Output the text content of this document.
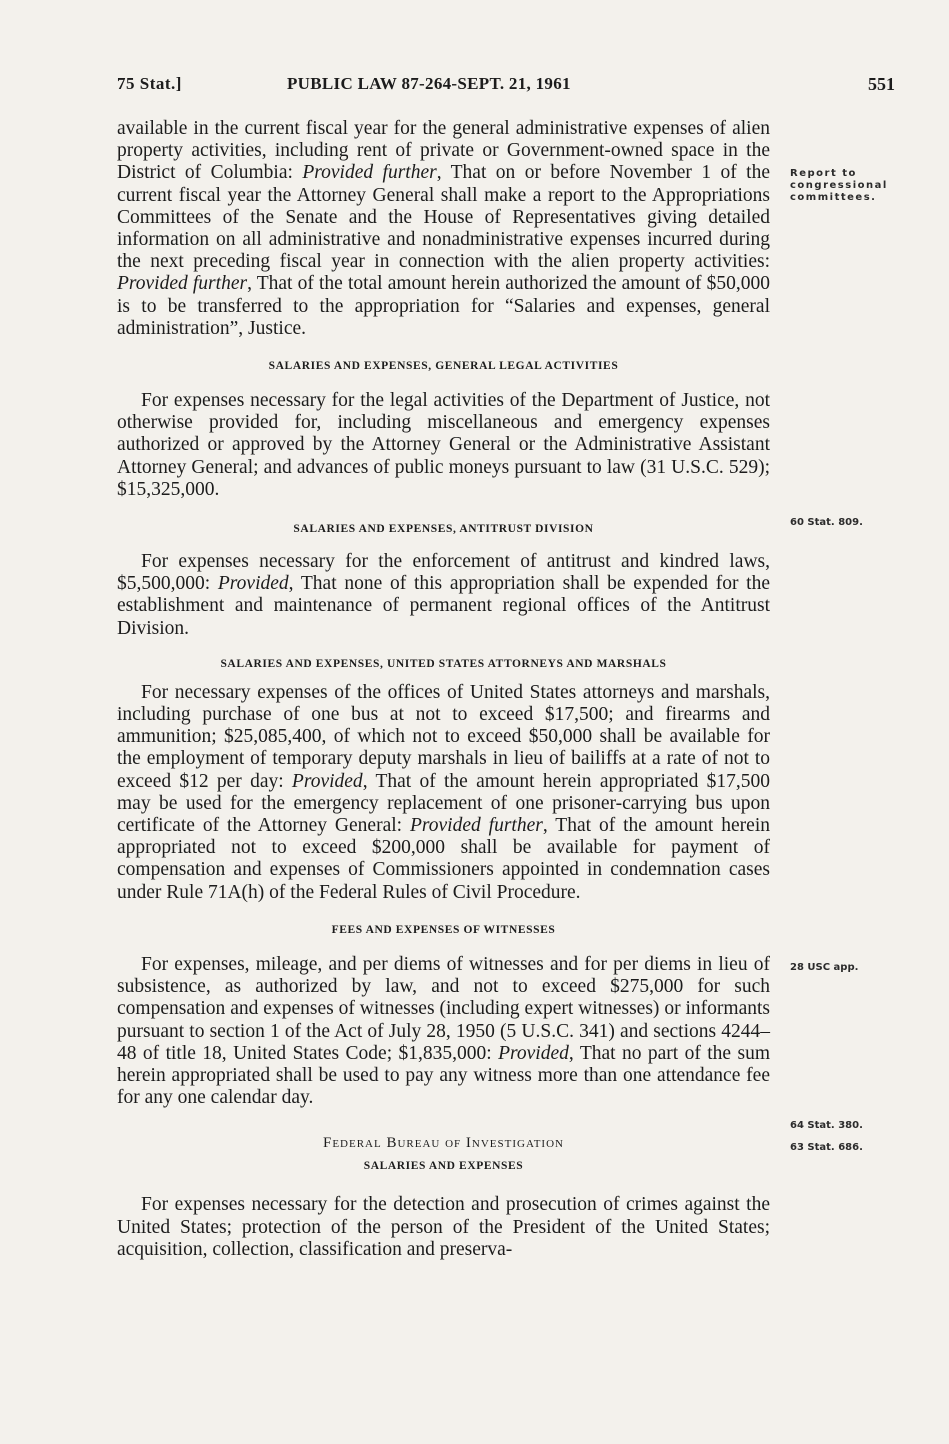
75 Stat.]	PUBLIC LAW 87-264-SEPT. 21, 1961	551

available in the current fiscal year for the general administrative expenses of alien property activities, including rent of private or Government-owned space in the District of Columbia: Provided further, That on or before November 1 of the current fiscal year the Attorney General shall make a report to the Appropriations Committees of the Senate and the House of Representatives giving detailed information on all administrative and nonadministrative expenses incurred during the next preceding fiscal year in connection with the alien property activities: Provided further, That of the total amount herein authorized the amount of $50,000 is to be transferred to the appropriation for “Salaries and expenses, general administration”, Justice.

SALARIES AND EXPENSES, GENERAL LEGAL ACTIVITIES

For expenses necessary for the legal activities of the Department of Justice, not otherwise provided for, including miscellaneous and emergency expenses authorized or approved by the Attorney General or the Administrative Assistant Attorney General; and advances of public moneys pursuant to law (31 U.S.C. 529); $15,325,000.

SALARIES AND EXPENSES, ANTITRUST DIVISION

For expenses necessary for the enforcement of antitrust and kindred laws, $5,500,000: Provided, That none of this appropriation shall be expended for the establishment and maintenance of permanent regional offices of the Antitrust Division.

SALARIES AND EXPENSES, UNITED STATES ATTORNEYS AND MARSHALS

For necessary expenses of the offices of United States attorneys and marshals, including purchase of one bus at not to exceed $17,500; and firearms and ammunition; $25,085,400, of which not to exceed $50,000 shall be available for the employment of temporary deputy marshals in lieu of bailiffs at a rate of not to exceed $12 per day: Provided, That of the amount herein appropriated $17,500 may be used for the emergency replacement of one prisoner-carrying bus upon certificate of the Attorney General: Provided further, That of the amount herein appropriated not to exceed $200,000 shall be available for payment of compensation and expenses of Commissioners appointed in condemnation cases under Rule 71A(h) of the Federal Rules of Civil Procedure.

FEES AND EXPENSES OF WITNESSES

For expenses, mileage, and per diems of witnesses and for per diems in lieu of subsistence, as authorized by law, and not to exceed $275,000 for such compensation and expenses of witnesses (including expert witnesses) or informants pursuant to section 1 of the Act of July 28, 1950 (5 U.S.C. 341) and sections 4244–48 of title 18, United States Code; $1,835,000: Provided, That no part of the sum herein appropriated shall be used to pay any witness more than one attendance fee for any one calendar day.

Federal Bureau of Investigation

SALARIES AND EXPENSES

For expenses necessary for the detection and prosecution of crimes against the United States; protection of the person of the President of the United States; acquisition, collection, classification and preserva-

Report to congressional committees.
60 Stat. 809.
28 USC app.
64 Stat. 380.
63 Stat. 686.
